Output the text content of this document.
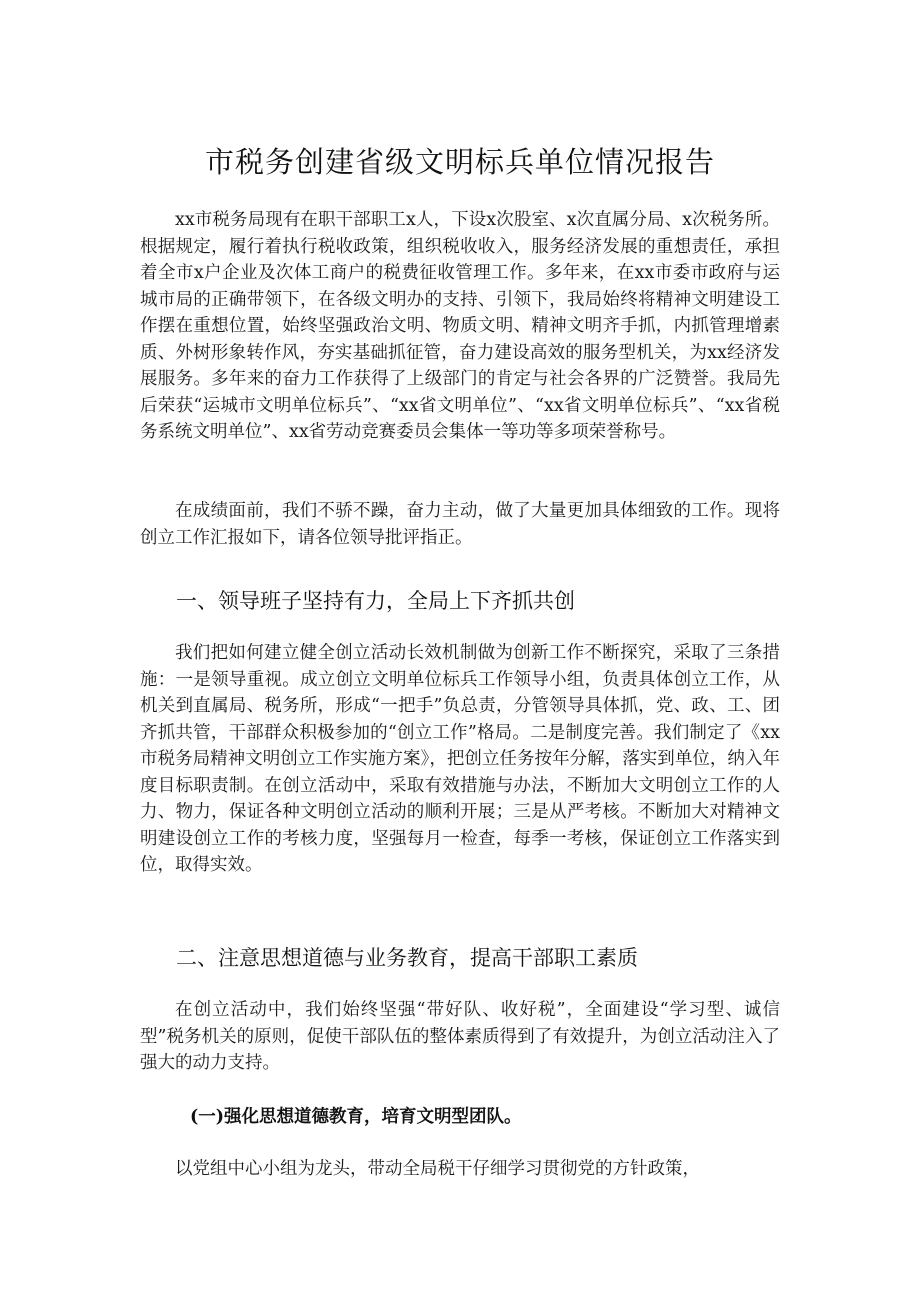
市税务创建省级文明标兵单位情况报告

xx市税务局现有在职干部职工x人，下设x次股室、x次直属分局、x次税务所。根据规定，履行着执行税收政策，组织税收收入，服务经济发展的重想责任，承担着全市x户企业及次体工商户的税费征收管理工作。多年来，在xx市委市政府与运城市局的正确带领下，在各级文明办的支持、引领下，我局始终将精神文明建设工作摆在重想位置，始终坚强政治文明、物质文明、精神文明齐手抓，内抓管理增素质、外树形象转作风，夯实基础抓征管，奋力建设高效的服务型机关，为xx经济发展服务。多年来的奋力工作获得了上级部门的肯定与社会各界的广泛赞誉。我局先后荣获“运城市文明单位标兵”、“xx省文明单位”、“xx省文明单位标兵”、“xx省税务系统文明单位”、xx省劳动竞赛委员会集体一等功等多项荣誉称号。

在成绩面前，我们不骄不躁，奋力主动，做了大量更加具体细致的工作。现将创立工作汇报如下，请各位领导批评指正。

一、领导班子坚持有力，全局上下齐抓共创

我们把如何建立健全创立活动长效机制做为创新工作不断探究，采取了三条措施：一是领导重视。成立创立文明单位标兵工作领导小组，负责具体创立工作，从机关到直属局、税务所，形成“一把手”负总责，分管领导具体抓，党、政、工、团齐抓共管，干部群众积极参加的“创立工作”格局。二是制度完善。我们制定了《xx市税务局精神文明创立工作实施方案》，把创立任务按年分解，落实到单位，纳入年度目标职责制。在创立活动中，采取有效措施与办法，不断加大文明创立工作的人力、物力，保证各种文明创立活动的顺利开展；三是从严考核。不断加大对精神文明建设创立工作的考核力度，坚强每月一检查，每季一考核，保证创立工作落实到位，取得实效。

二、注意思想道德与业务教育，提高干部职工素质

在创立活动中，我们始终坚强“带好队、收好税”，全面建设“学习型、诚信型”税务机关的原则，促使干部队伍的整体素质得到了有效提升，为创立活动注入了强大的动力支持。

(一)强化思想道德教育，培育文明型团队。

以党组中心小组为龙头，带动全局税干仔细学习贯彻党的方针政策，
